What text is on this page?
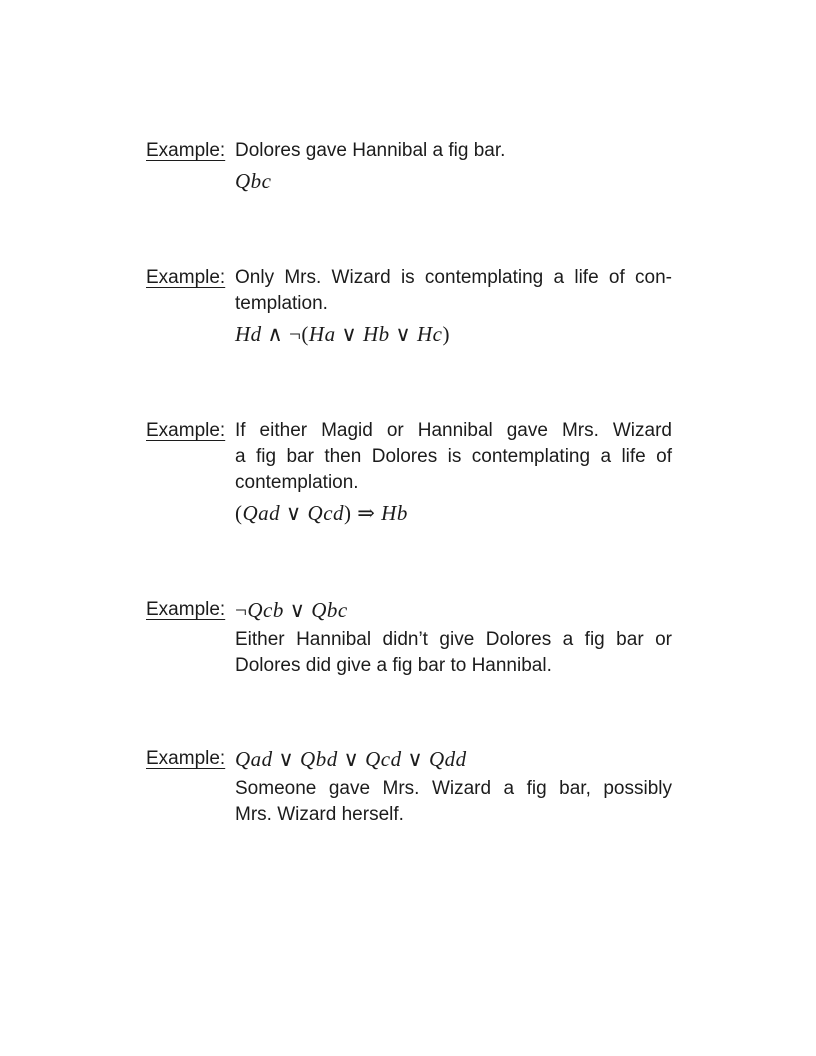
Example: Dolores gave Hannibal a fig bar.
Qbc
Example: Only Mrs. Wizard is contemplating a life of con-
templation.
Hd ∧ ¬(Ha ∨ Hb ∨ Hc)
Example: If either Magid or Hannibal gave Mrs. Wizard
a fig bar then Dolores is contemplating a life of
contemplation.
(Qad ∨ Qcd) ⇒ Hb
Example: ¬Qcb ∨ Qbc
Either Hannibal didn’t give Dolores a fig bar or
Dolores did give a fig bar to Hannibal.
Example: Qad ∨ Qbd ∨ Qcd ∨ Qdd
Someone gave Mrs. Wizard a fig bar, possibly
Mrs. Wizard herself.
